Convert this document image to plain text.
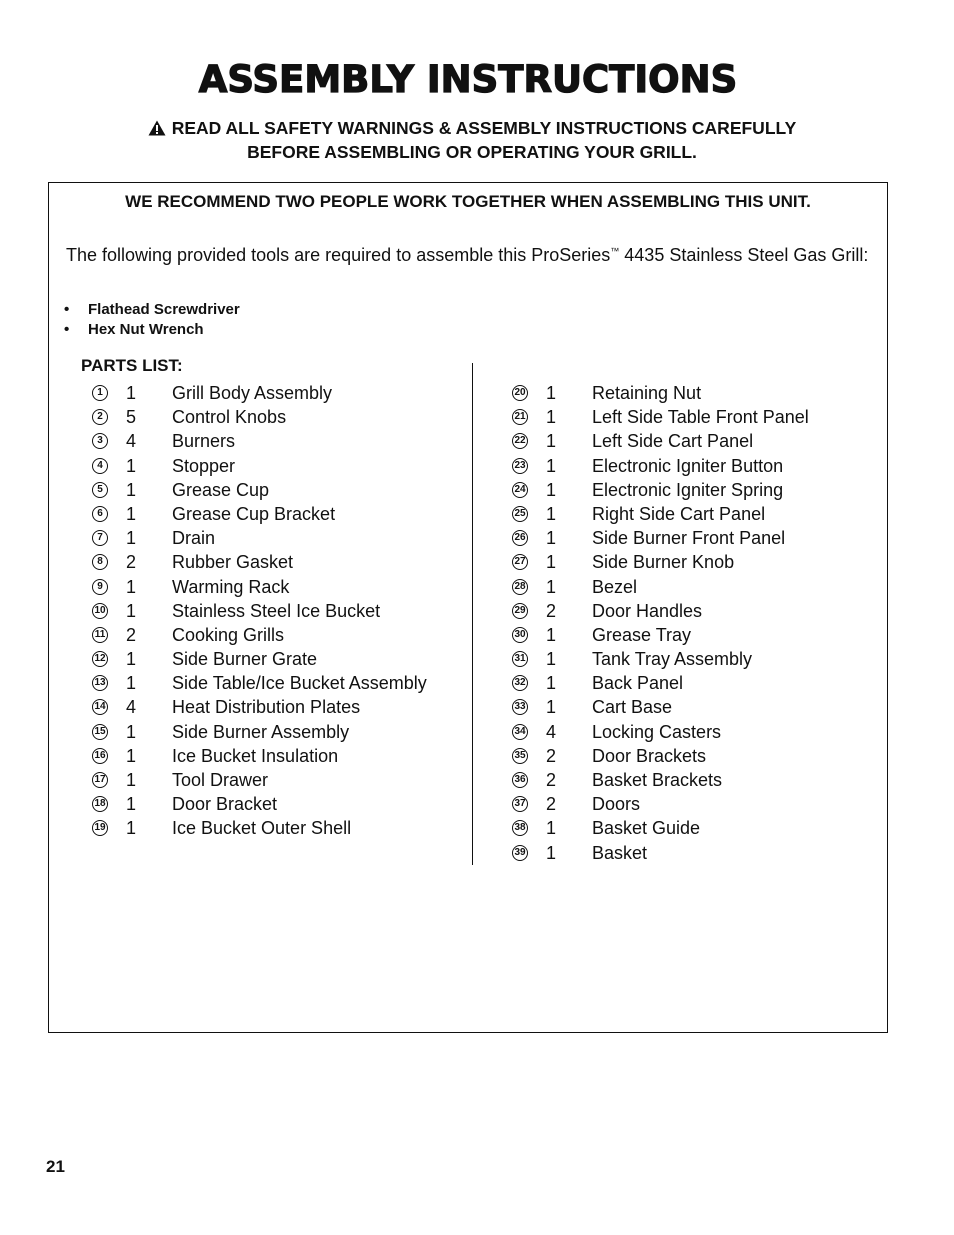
ASSEMBLY INSTRUCTIONS
READ ALL SAFETY WARNINGS & ASSEMBLY INSTRUCTIONS CAREFULLY
BEFORE ASSEMBLING OR OPERATING YOUR GRILL.
WE RECOMMEND TWO PEOPLE WORK TOGETHER WHEN ASSEMBLING THIS UNIT.
The following provided tools are required to assemble this ProSeries™ 4435 Stainless Steel Gas Grill:
• Flathead Screwdriver
• Hex Nut Wrench
PARTS LIST:
1 1 Grill Body Assembly
2 5 Control Knobs
3 4 Burners
4 1 Stopper
5 1 Grease Cup
6 1 Grease Cup Bracket
7 1 Drain
8 2 Rubber Gasket
9 1 Warming Rack
10 1 Stainless Steel Ice Bucket
11 2 Cooking Grills
12 1 Side Burner Grate
13 1 Side Table/Ice Bucket Assembly
14 4 Heat Distribution Plates
15 1 Side Burner Assembly
16 1 Ice Bucket Insulation
17 1 Tool Drawer
18 1 Door Bracket
19 1 Ice Bucket Outer Shell
20 1 Retaining Nut
21 1 Left Side Table Front Panel
22 1 Left Side Cart Panel
23 1 Electronic Igniter Button
24 1 Electronic Igniter Spring
25 1 Right Side Cart Panel
26 1 Side Burner Front Panel
27 1 Side Burner Knob
28 1 Bezel
29 2 Door Handles
30 1 Grease Tray
31 1 Tank Tray Assembly
32 1 Back Panel
33 1 Cart Base
34 4 Locking Casters
35 2 Door Brackets
36 2 Basket Brackets
37 2 Doors
38 1 Basket Guide
39 1 Basket
21
